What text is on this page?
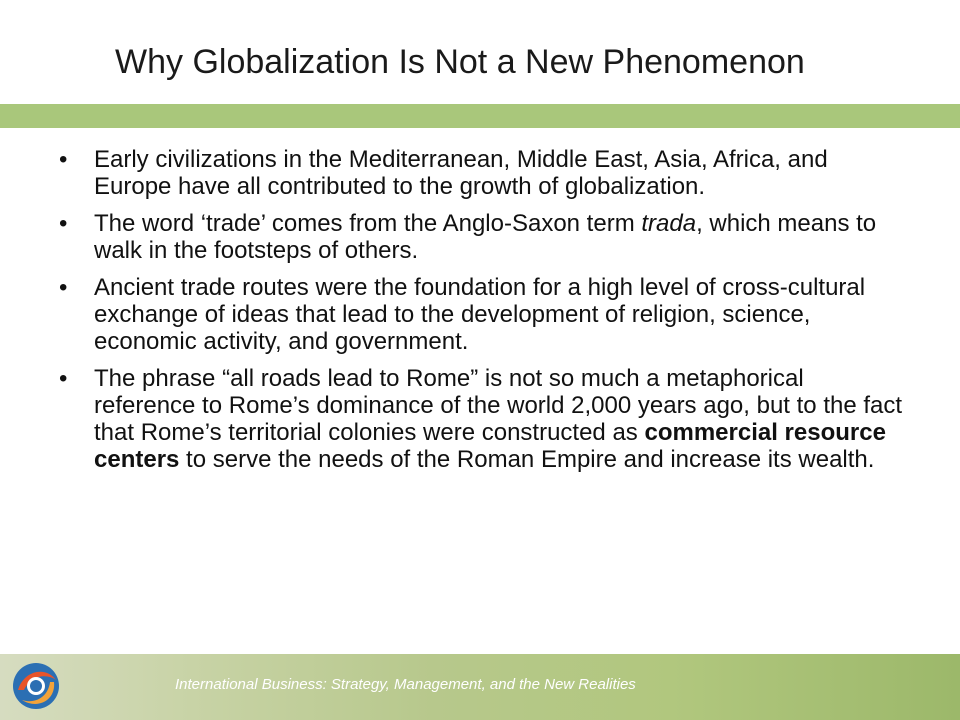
Why Globalization Is Not a New Phenomenon
• Early civilizations in the Mediterranean, Middle East, Asia, Africa, and Europe have all contributed to the growth of globalization.
• The word ‘trade’ comes from the Anglo-Saxon term trada, which means to walk in the footsteps of others.
• Ancient trade routes were the foundation for a high level of cross-cultural exchange of ideas that lead to the development of religion, science, economic activity, and government.
• The phrase “all roads lead to Rome” is not so much a metaphorical reference to Rome’s dominance of the world 2,000 years ago, but to the fact that Rome’s territorial colonies were constructed as commercial resource centers to serve the needs of the Roman Empire and increase its wealth.
International Business: Strategy, Management, and the New Realities
